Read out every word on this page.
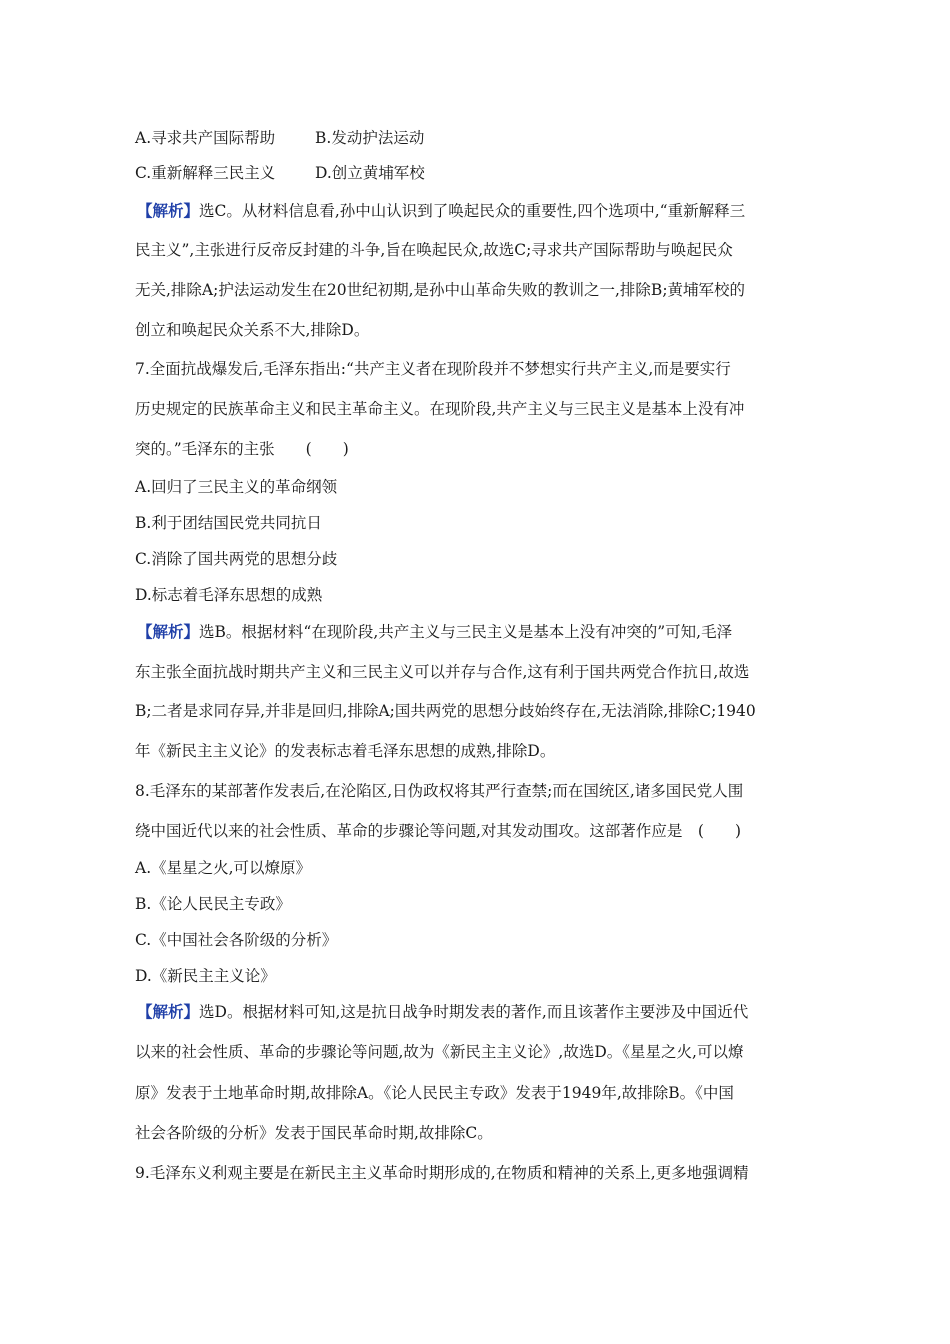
A.寻求共产国际帮助	B.发动护法运动
C.重新解释三民主义	D.创立黄埔军校
【解析】选C。从材料信息看,孙中山认识到了唤起民众的重要性,四个选项中,“重新解释三
民主义”,主张进行反帝反封建的斗争,旨在唤起民众,故选C;寻求共产国际帮助与唤起民众
无关,排除A;护法运动发生在20世纪初期,是孙中山革命失败的教训之一,排除B;黄埔军校的
创立和唤起民众关系不大,排除D。
7.全面抗战爆发后,毛泽东指出:“共产主义者在现阶段并不梦想实行共产主义,而是要实行
历史规定的民族革命主义和民主革命主义。在现阶段,共产主义与三民主义是基本上没有冲
突的。”毛泽东的主张　　(　　)
A.回归了三民主义的革命纲领
B.利于团结国民党共同抗日
C.消除了国共两党的思想分歧
D.标志着毛泽东思想的成熟
【解析】选B。根据材料“在现阶段,共产主义与三民主义是基本上没有冲突的”可知,毛泽
东主张全面抗战时期共产主义和三民主义可以并存与合作,这有利于国共两党合作抗日,故选
B;二者是求同存异,并非是回归,排除A;国共两党的思想分歧始终存在,无法消除,排除C;1940
年《新民主主义论》的发表标志着毛泽东思想的成熟,排除D。
8.毛泽东的某部著作发表后,在沦陷区,日伪政权将其严行查禁;而在国统区,诸多国民党人围
绕中国近代以来的社会性质、革命的步骤论等问题,对其发动围攻。这部著作应是　(　　)
A.《星星之火,可以燎原》
B.《论人民民主专政》
C.《中国社会各阶级的分析》
D.《新民主主义论》
【解析】选D。根据材料可知,这是抗日战争时期发表的著作,而且该著作主要涉及中国近代
以来的社会性质、革命的步骤论等问题,故为《新民主主义论》,故选D。《星星之火,可以燎
原》发表于土地革命时期,故排除A。《论人民民主专政》发表于1949年,故排除B。《中国
社会各阶级的分析》发表于国民革命时期,故排除C。
9.毛泽东义利观主要是在新民主主义革命时期形成的,在物质和精神的关系上,更多地强调精
